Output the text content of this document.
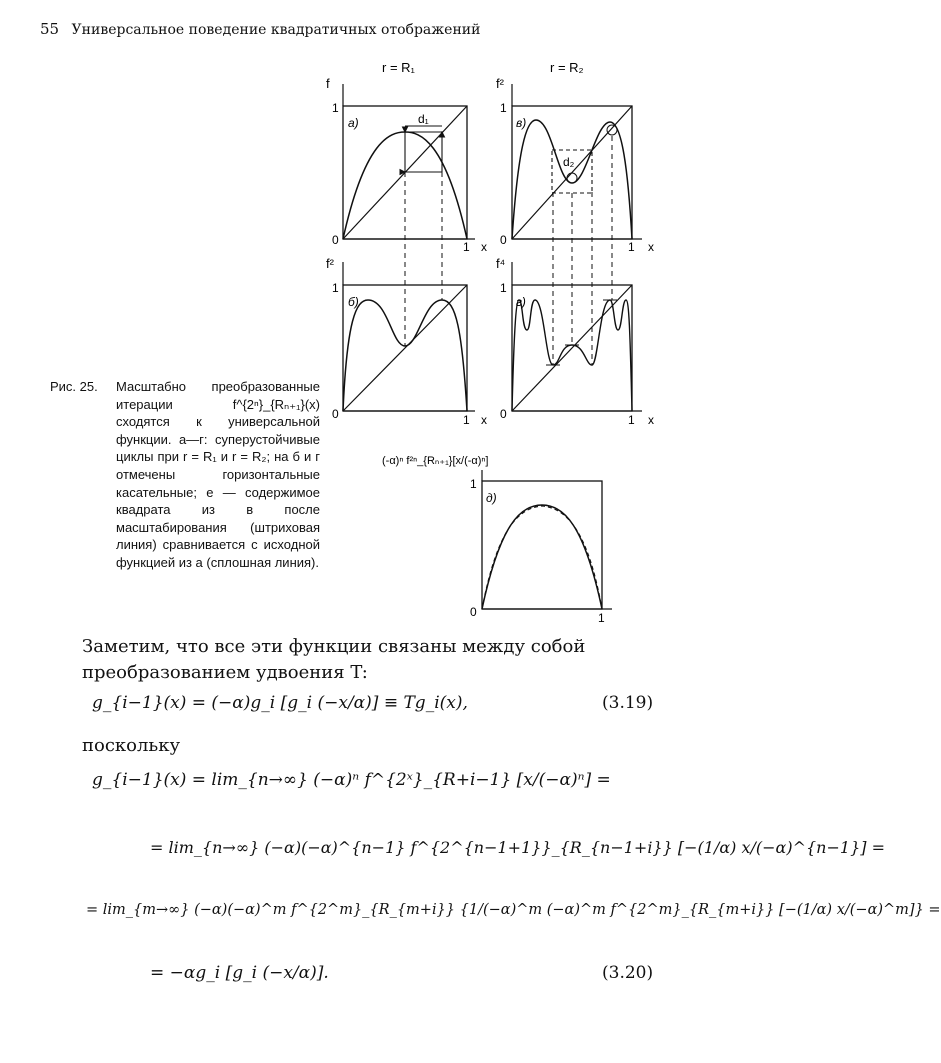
55 Универсальное поведение квадратичных отображений
r = R₁	r = R₂
d₁
а)
f
1
0	1 x
d₂
в)
f²
1
0	1 x
б)
f²
1
0	1 x
г)
f⁴
1
0	1 x
д)
(-α)ⁿ f²ⁿ_{Rₙ₊₁}[x/(-α)ⁿ]
1
0	1
Рис. 25. Масштабно преобразованные итерации f^{2ⁿ}_{Rₙ₊₁}(x) сходятся к универсальной функции. а—г: суперустойчивые циклы при r = R₁ и r = R₂; на б и г отмечены горизонтальные касательные; е — содержимое квадрата из в после масштабирования (штриховая линия) сравнивается с исходной функцией из а (сплошная линия).
Заметим, что все эти функции связаны между собой преобразованием удвоения T:
g_{i−1}(x) = (−α)g_i [g_i (−x/α)] ≡ Tg_i(x),	(3.19)
поскольку
g_{i−1}(x) = lim_{n→∞} (−α)ⁿ f^{2ˣ}_{R+i−1} [x/(−α)ⁿ] =
= lim_{n→∞} (−α)(−α)^{n−1} f^{2^{n−1+1}}_{R_{n−1+i}} [−(1/α) x/(−α)^{n−1}] =
= lim_{m→∞} (−α)(−α)^m f^{2^m}_{R_{m+i}} {1/(−α)^m (−α)^m f^{2^m}_{R_{m+i}} [−(1/α) x/(−α)^m]} =
= −αg_i [g_i (−x/α)].	(3.20)
